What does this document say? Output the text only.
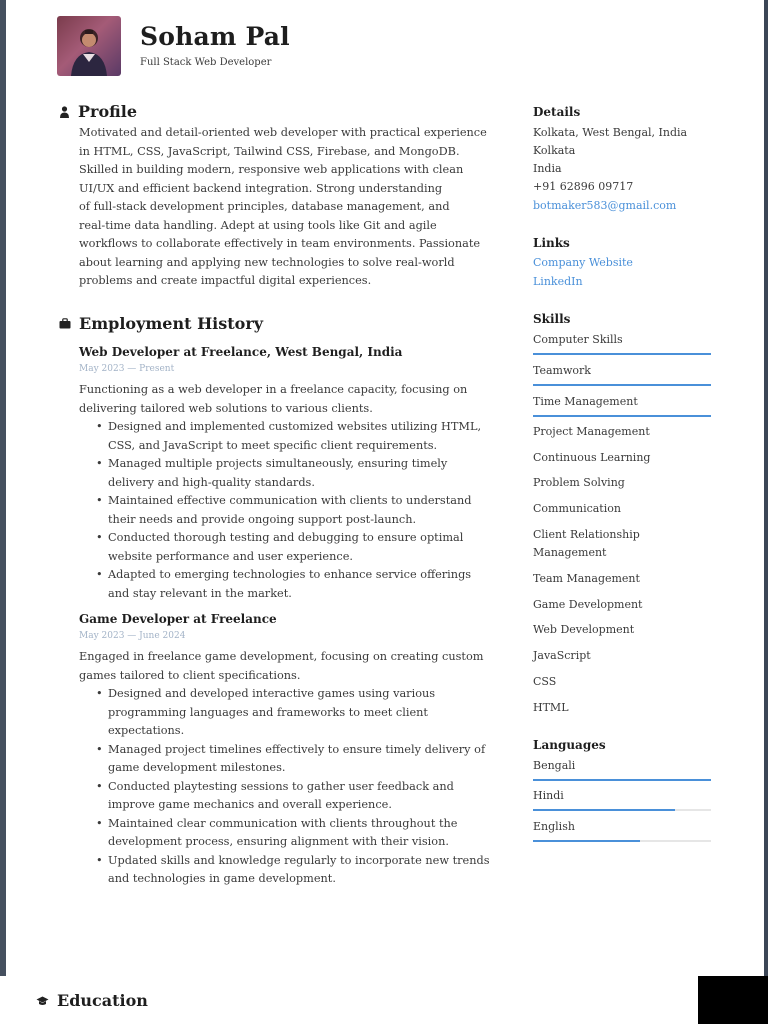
Soham Pal
Full Stack Web Developer
Profile
Motivated and detail-oriented web developer with practical experience
in HTML, CSS, JavaScript, Tailwind CSS, Firebase, and MongoDB.
Skilled in building modern, responsive web applications with clean
UI/UX and efficient backend integration. Strong understanding
of full-stack development principles, database management, and
real-time data handling. Adept at using tools like Git and agile
workflows to collaborate effectively in team environments. Passionate
about learning and applying new technologies to solve real-world
problems and create impactful digital experiences.
Employment History
Web Developer at Freelance, West Bengal, India
May 2023 — Present
Functioning as a web developer in a freelance capacity, focusing on
delivering tailored web solutions to various clients.
• Designed and implemented customized websites utilizing HTML,
CSS, and JavaScript to meet specific client requirements.
• Managed multiple projects simultaneously, ensuring timely
delivery and high-quality standards.
• Maintained effective communication with clients to understand
their needs and provide ongoing support post-launch.
• Conducted thorough testing and debugging to ensure optimal
website performance and user experience.
• Adapted to emerging technologies to enhance service offerings
and stay relevant in the market.
Game Developer at Freelance
May 2023 — June 2024
Engaged in freelance game development, focusing on creating custom
games tailored to client specifications.
• Designed and developed interactive games using various
programming languages and frameworks to meet client
expectations.
• Managed project timelines effectively to ensure timely delivery of
game development milestones.
• Conducted playtesting sessions to gather user feedback and
improve game mechanics and overall experience.
• Maintained clear communication with clients throughout the
development process, ensuring alignment with their vision.
• Updated skills and knowledge regularly to incorporate new trends
and technologies in game development.
Education
Details
Kolkata, West Bengal, India
Kolkata
India
+91 62896 09717
botmaker583@gmail.com
Links
Company Website
LinkedIn
Skills
Computer Skills
Teamwork
Time Management
Project Management
Continuous Learning
Problem Solving
Communication
Client Relationship Management
Team Management
Game Development
Web Development
JavaScript
CSS
HTML
Languages
Bengali
Hindi
English
